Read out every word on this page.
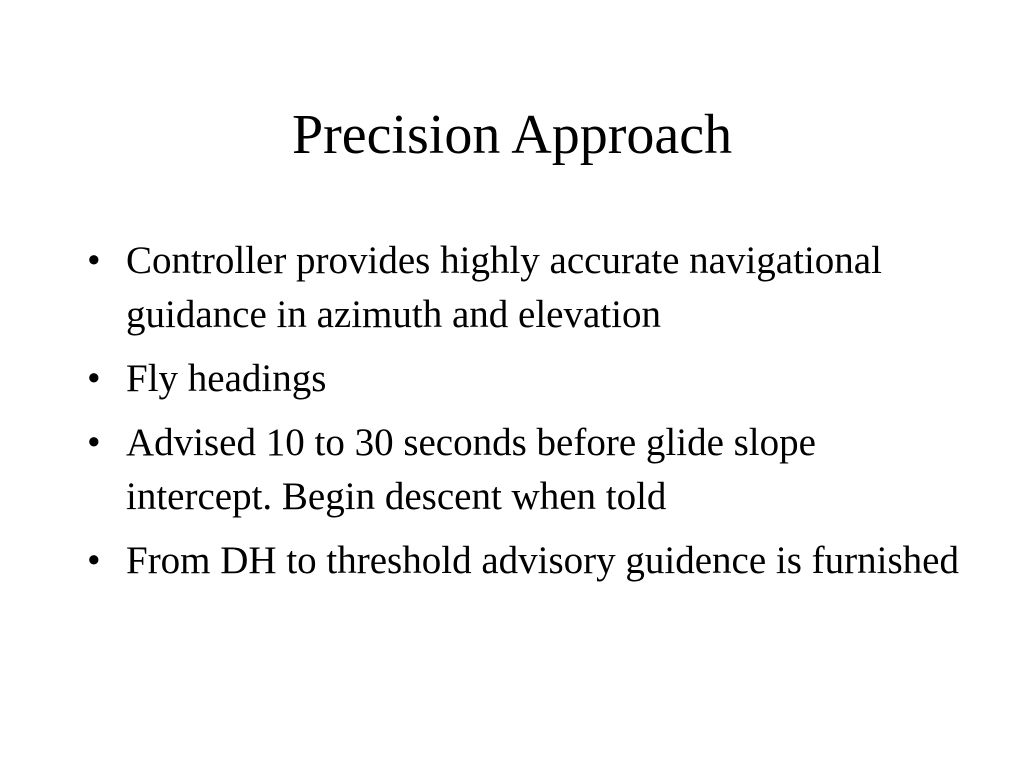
Precision Approach
• Controller provides highly accurate navigational guidance in azimuth and elevation
• Fly headings
• Advised 10 to 30 seconds before glide slope intercept. Begin descent when told
• From DH to threshold advisory guidence is furnished
